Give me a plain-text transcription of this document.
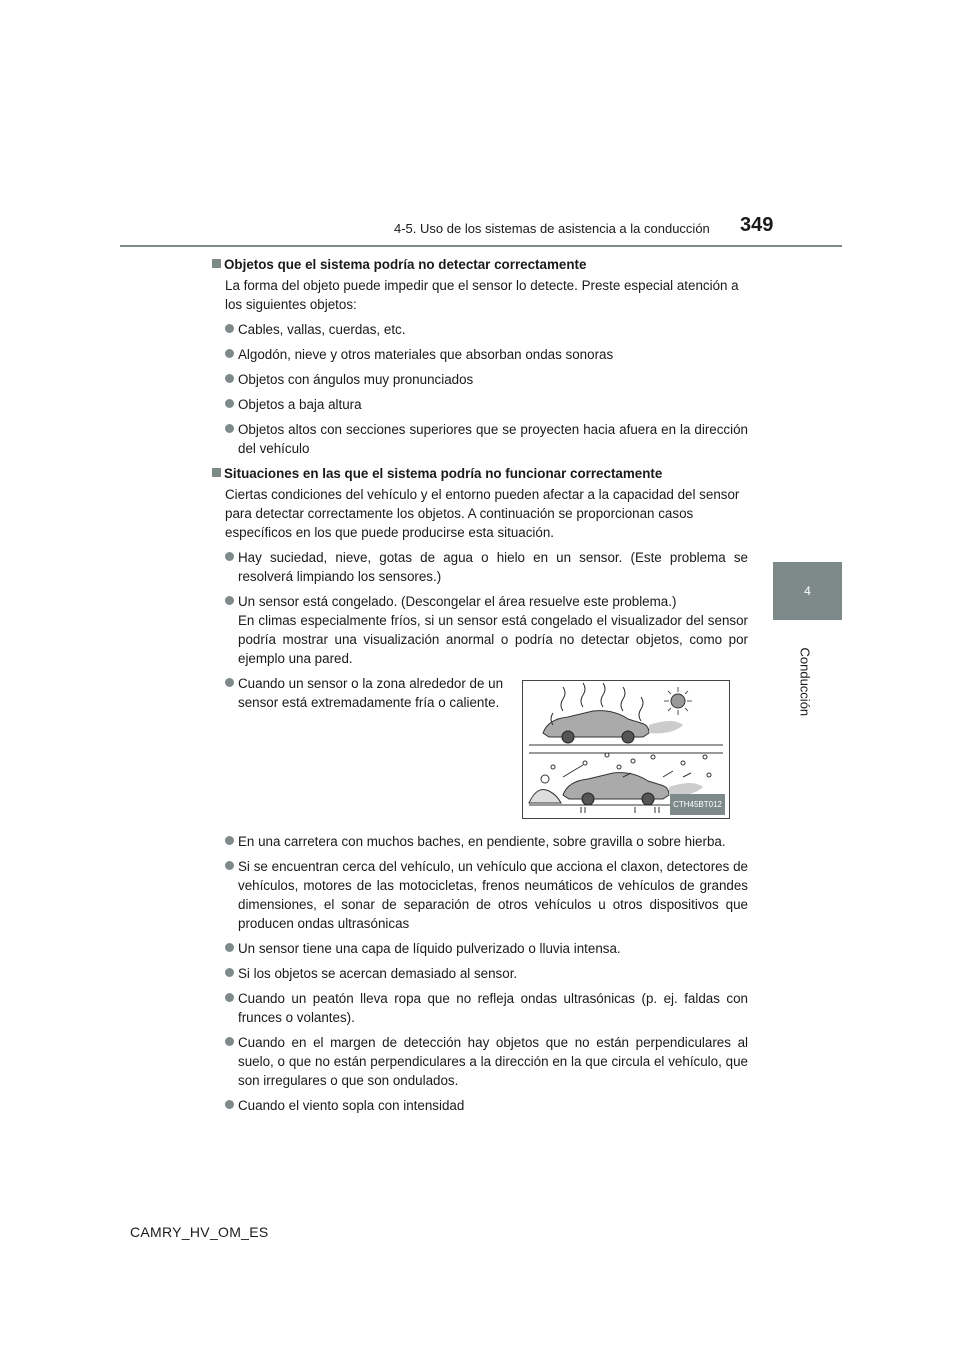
4-5. Uso de los sistemas de asistencia a la conducción 349
4
Conducción
Objetos que el sistema podría no detectar correctamente

La forma del objeto puede impedir que el sensor lo detecte. Preste especial atención a los siguientes objetos:

Cables, vallas, cuerdas, etc.

Algodón, nieve y otros materiales que absorban ondas sonoras

Objetos con ángulos muy pronunciados

Objetos a baja altura

Objetos altos con secciones superiores que se proyecten hacia afuera en la dirección del vehículo

Situaciones en las que el sistema podría no funcionar correctamente

Ciertas condiciones del vehículo y el entorno pueden afectar a la capacidad del sensor para detectar correctamente los objetos. A continuación se proporcionan casos específicos en los que puede producirse esta situación.

Hay suciedad, nieve, gotas de agua o hielo en un sensor. (Este problema se resolverá limpiando los sensores.)

Un sensor está congelado. (Descongelar el área resuelve este problema.)

En climas especialmente fríos, si un sensor está congelado el visualizador del sensor podría mostrar una visualización anormal o podría no detectar objetos, como por ejemplo una pared.

Cuando un sensor o la zona alrededor de un sensor está extremadamente fría o caliente.

CTH45BT012

En una carretera con muchos baches, en pendiente, sobre gravilla o sobre hierba.

Si se encuentran cerca del vehículo, un vehículo que acciona el claxon, detectores de vehículos, motores de las motocicletas, frenos neumáticos de vehículos de grandes dimensiones, el sonar de separación de otros vehículos u otros dispositivos que producen ondas ultrasónicas

Un sensor tiene una capa de líquido pulverizado o lluvia intensa.

Si los objetos se acercan demasiado al sensor.

Cuando un peatón lleva ropa que no refleja ondas ultrasónicas (p. ej. faldas con frunces o volantes).

Cuando en el margen de detección hay objetos que no están perpendiculares al suelo, o que no están perpendiculares a la dirección en la que circula el vehículo, que son irregulares o que son ondulados.

Cuando el viento sopla con intensidad

CAMRY_HV_OM_ES
